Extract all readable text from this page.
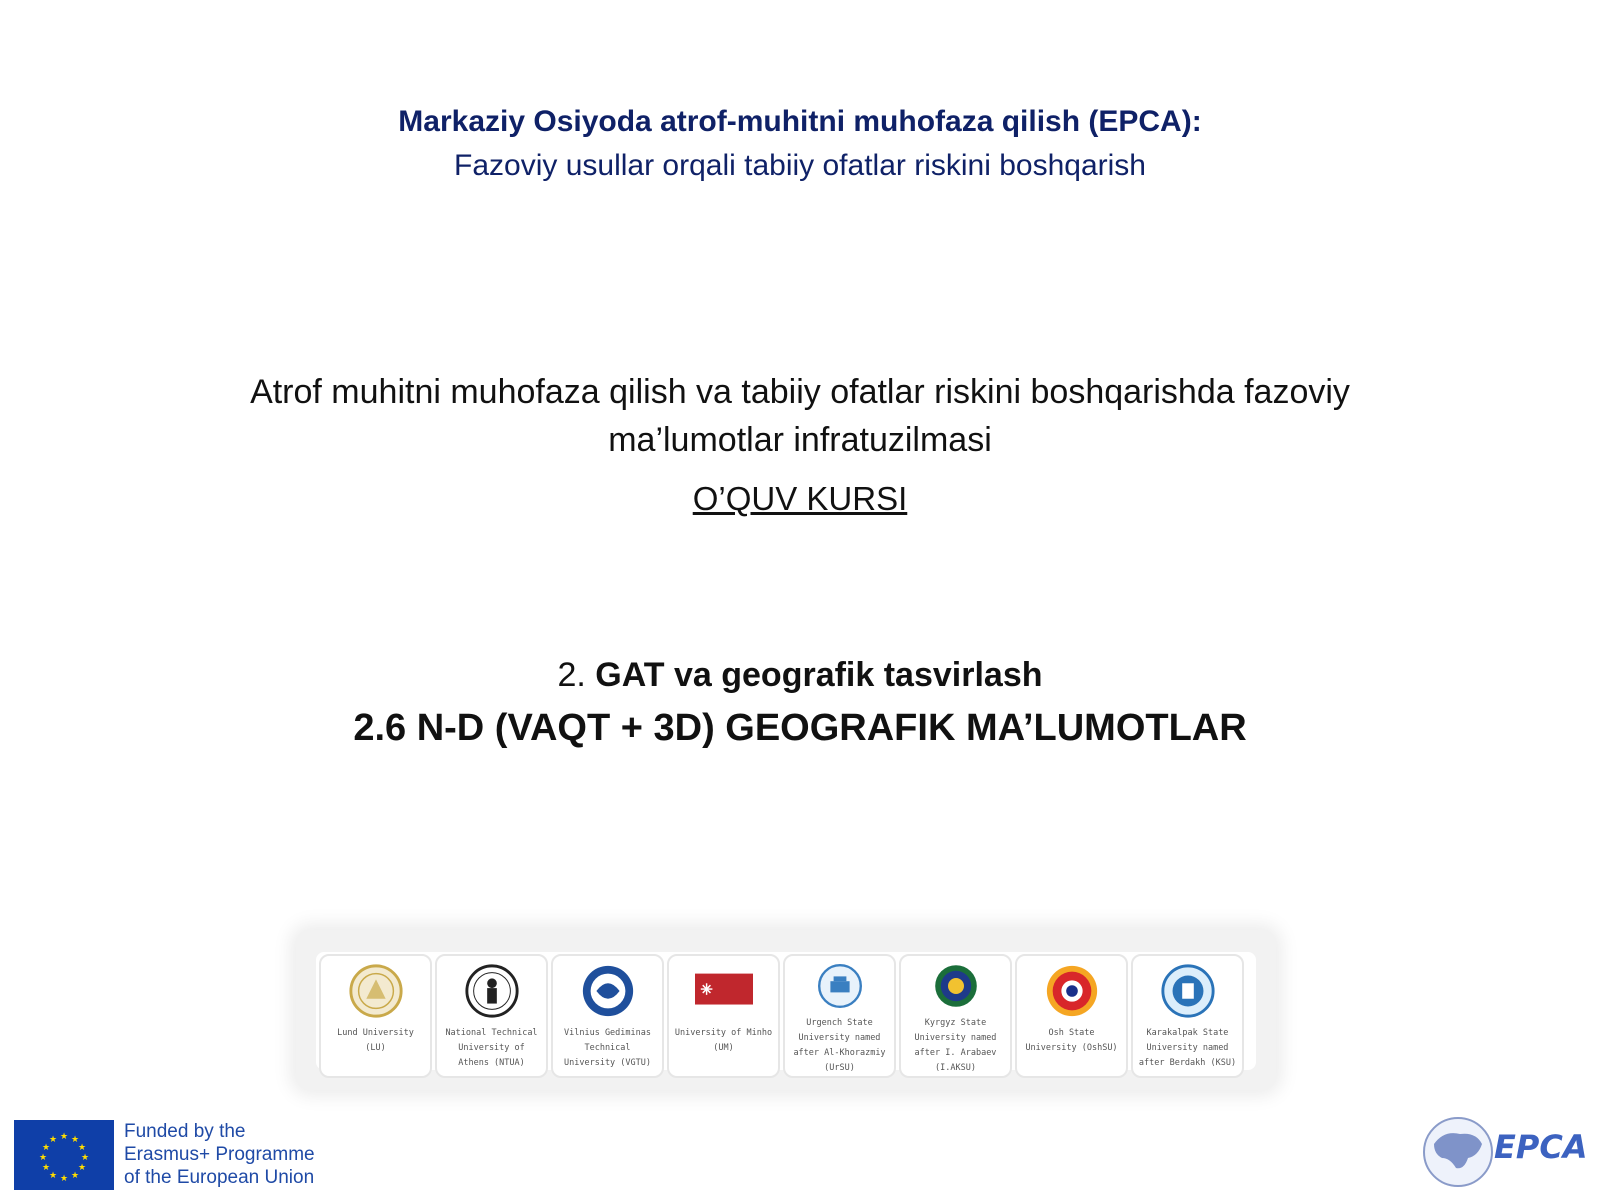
Markaziy Osiyoda atrof-muhitni muhofaza qilish (EPCA):
Fazoviy usullar orqali tabiiy ofatlar riskini boshqarish
Atrof muhitni muhofaza qilish va tabiiy ofatlar riskini boshqarishda fazoviy ma’lumotlar infratuzilmasi
O’QUV KURSI
2. GAT va geografik tasvirlash
2.6 N-D (VAQT + 3D) GEOGRAFIK MA’LUMOTLAR
Lund University (LU)
National Technical University of Athens (NTUA)
Vilnius Gediminas Technical University (VGTU)
University of Minho (UM)
Urgench State University named after Al-Khorazmiy (UrSU)
Kyrgyz State University named after I. Arabaev (I.AKSU)
Osh State University (OshSU)
Karakalpak State University named after Berdakh (KSU)
★ ★
★
★
★
★
★
★
★
★
★
★	Funded by the
Erasmus+ Programme
of the European Union
EPCA
